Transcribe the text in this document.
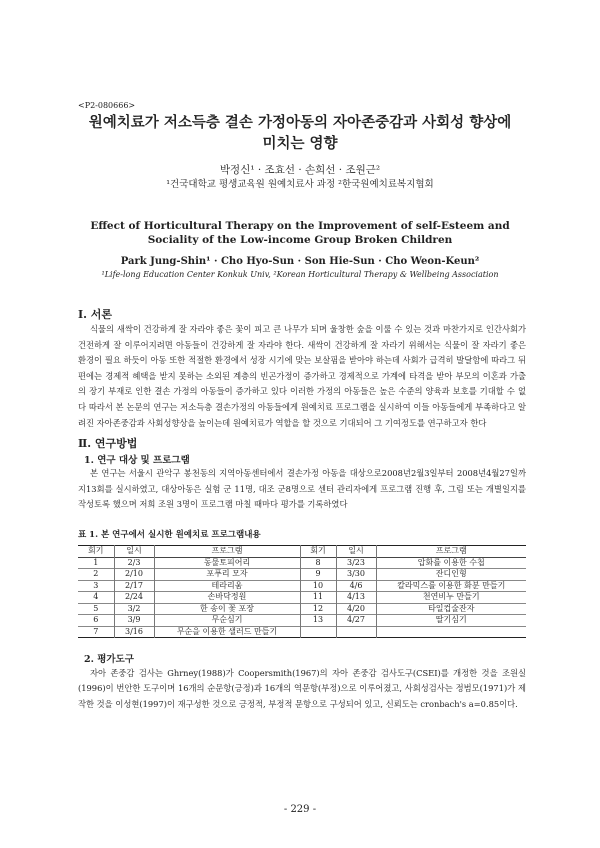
<P2-080666>
원예치료가 저소득층 결손 가정아동의 자아존중감과 사회성 향상에
미치는 영향
박정신¹ · 조효선 · 손희선 · 조원근²
¹건국대학교 평생교육원 원예치료사 과정 ²한국원예치료복지협회
Effect of Horticultural Therapy on the Improvement of self-Esteem and
Sociality of the Low-income Group Broken Children
Park Jung-Shin¹ · Cho Hyo-Sun · Son Hie-Sun · Cho Weon-Keun²
¹Life-long Education Center Konkuk Univ, ²Korean Horticultural Therapy & Wellbeing Association
Ⅰ. 서론
식물의 새싹이 건강하게 잘 자라야 좋은 꽃이 피고 큰 나무가 되며 울창한 숲을 이룰 수 있는 것과 마찬가지로 인간사회가 건전하게 잘 이루어지려면 아동들이 건강하게 잘 자라야 한다. 새싹이 건강하게 잘 자라기 위해서는 식물이 잘 자라기 좋은 환경이 필요 하듯이 아동 또한 적절한 환경에서 성장 시기에 맞는 보살핌을 받아야 하는데 사회가 급격히 발달함에 따라그 뒤편에는 경제적 혜택을 받지 못하는 소외된 계층의 빈곤가정이 증가하고 경제적으로 가계에 타격을 받아 부모의 이혼과 가출의 장기 부재로 인한 결손 가정의 아동들이 증가하고 있다 이러한 가정의 아동들은 높은 수준의 양육과 보호를 기대할 수 없다 따라서 본 논문의 연구는 저소득층 결손가정의 아동들에게 원예치료 프로그램을 실시하여 이들 아동들에게 부족하다고 알려진 자아존중감과 사회성향상을 높이는데 원예치료가 역할을 할 것으로 기대되어 그 기여정도를 연구하고자 한다
Ⅱ. 연구방법
1. 연구 대상 및 프로그램
본 연구는 서울시 관악구 봉천동의 지역아동센터에서 결손가정 아동을 대상으로2008년2월3일부터 2008년4월27일까지13회를 실시하였고, 대상아동은 실험 군 11명, 대조 군8명으로 센터 관리자에게 프로그램 진행 후, 그림 또는 개별일지를 작성토록 했으며 저희 조원 3명이 프로그램 마칠 때마다 평가를 기록하였다
표 1. 본 연구에서 실시한 원예치료 프로그램내용
회기	일시	프로그램	회기	일시	프로그램
1	2/3	동물토피어리	8	3/23	압화를 이용한 수첩
2	2/10	포푸리 모자	9	3/30	잔디인형
3	2/17	테라리움	10	4/6	칼라믹스를 이용한 화분 만들기
4	2/24	손바닥정원	11	4/13	천연비누 만들기
5	3/2	한 송이 꽃 포장	12	4/20	타일컵술잔자
6	3/9	무순심기	13	4/27	딸기심기
7	3/16	무순을 이용한 샐러드 만들기			
2. 평가도구
자아 존중감 검사는 Ghrney(1988)가 Coopersmith(1967)의 자아 존중감 검사도구(CSEI)를 개정한 것을 조원실(1996)이 번안한 도구이며 16개의 순문항(긍정)과 16개의 역문항(부정)으로 이루어졌고, 사회성검사는 정범모(1971)가 제작한 것을 이성현(1997)이 재구성한 것으로 긍정적, 부정적 문항으로 구성되어 있고, 신뢰도는 cronbach's a=0.85이다.
- 229 -
